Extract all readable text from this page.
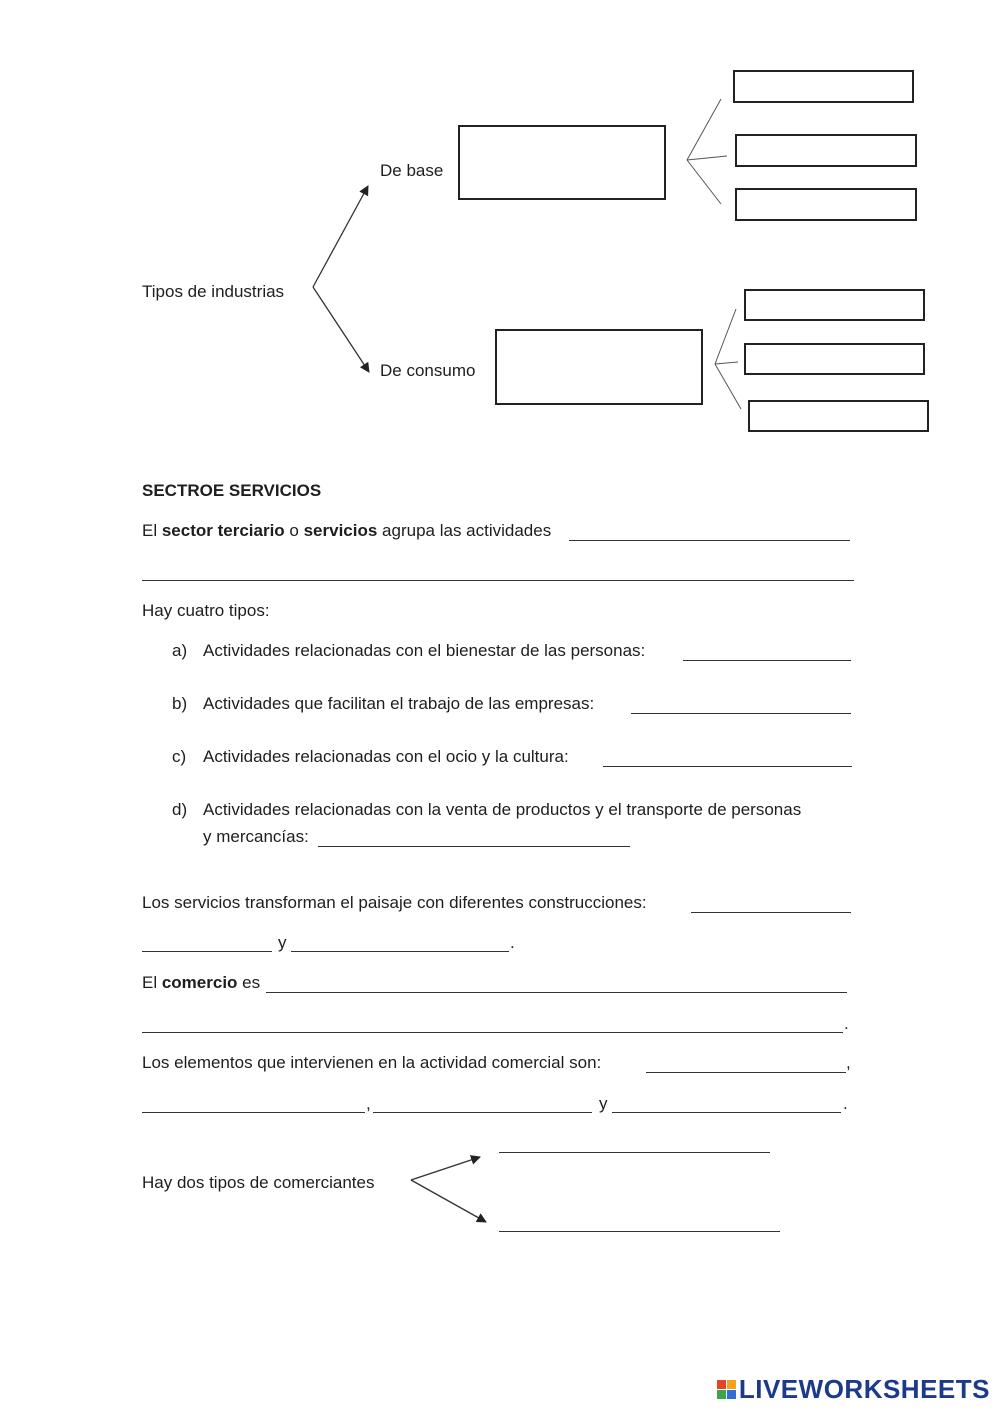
Tipos de industrias
De base
De consumo
SECTROE SERVICIOS
El sector terciario o servicios agrupa las actividades
Hay cuatro tipos:
a) Actividades relacionadas con el bienestar de las personas:
b) Actividades que facilitan el trabajo de las empresas:
c) Actividades relacionadas con el ocio y la cultura:
d) Actividades relacionadas con la venta de productos y el transporte de personas
y mercancías:
Los servicios transforman el paisaje con diferentes construcciones:
y	.
El comercio es
.
Los elementos que intervienen en la actividad comercial son:	,
,	y	.
Hay dos tipos de comerciantes
LIVEWORKSHEETS
